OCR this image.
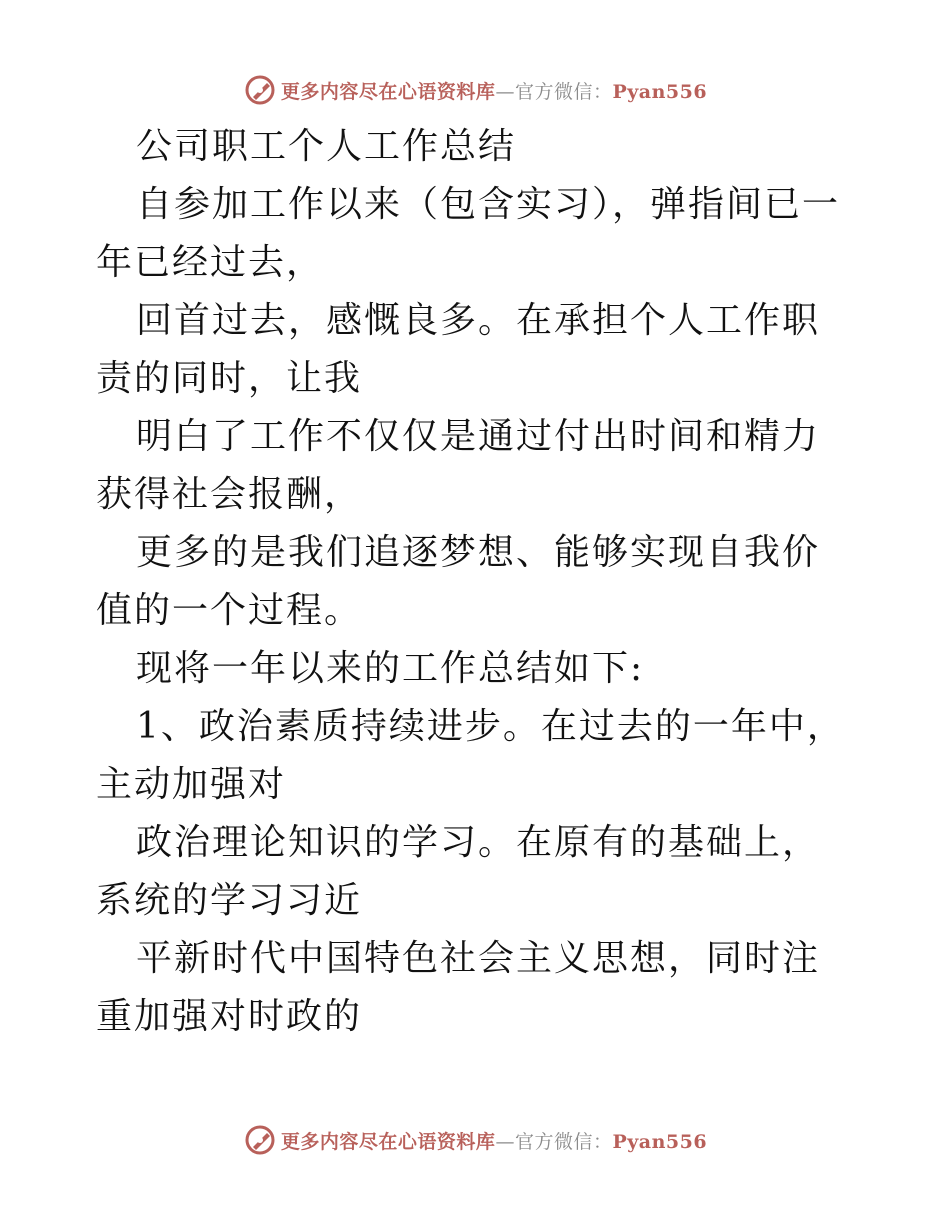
更多内容尽在心语资料库—官方微信：Pyan556

公司职工个人工作总结

自参加工作以来（包含实习），弹指间已一年已经过去，

回首过去，感慨良多。在承担个人工作职责的同时，让我

明白了工作不仅仅是通过付出时间和精力获得社会报酬，

更多的是我们追逐梦想、能够实现自我价值的一个过程。

现将一年以来的工作总结如下:

1、政治素质持续进步。在过去的一年中，主动加强对

政治理论知识的学习。在原有的基础上，系统的学习习近

平新时代中国特色社会主义思想，同时注重加强对时政的

更多内容尽在心语资料库—官方微信：Pyan556
